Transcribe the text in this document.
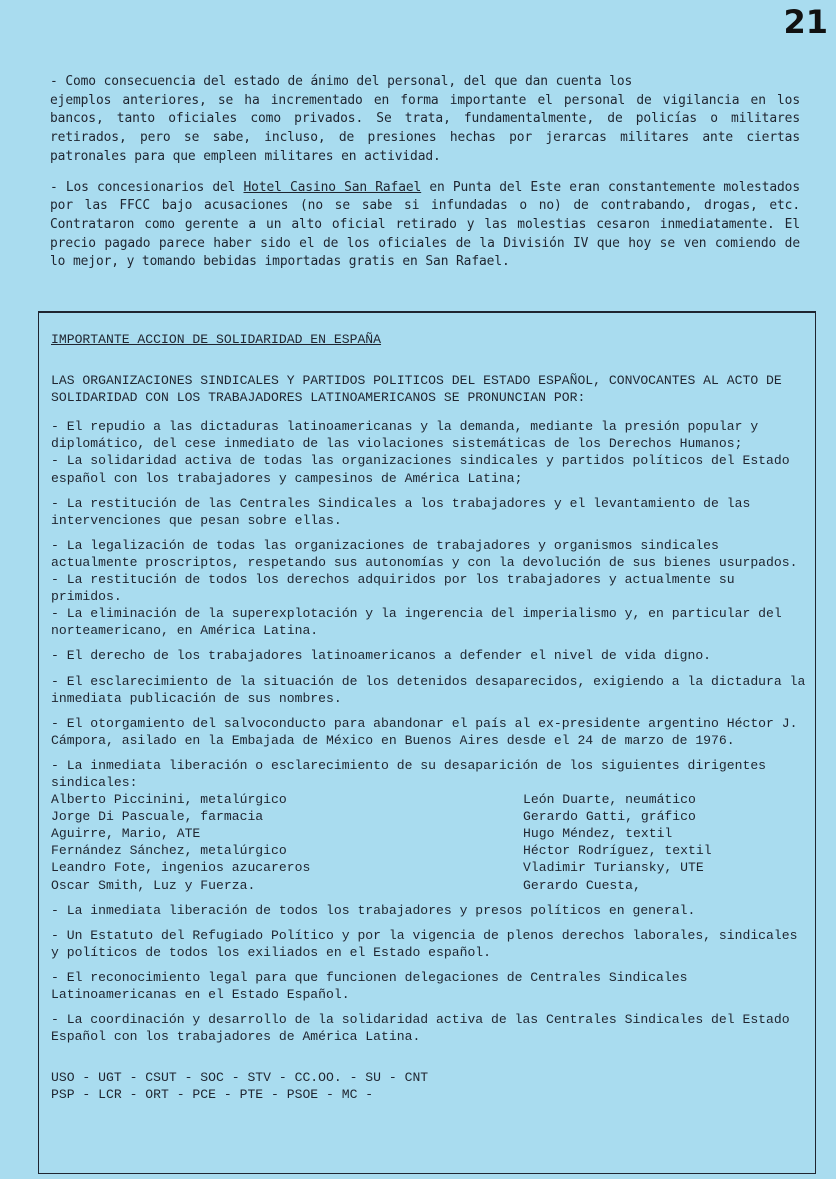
21

- Como consecuencia del estado de ánimo del personal, del que dan cuenta los
ejemplos anteriores, se ha incrementado en forma importante el personal de vigilancia en los bancos, tanto oficiales como privados. Se trata, fundamentalmente, de policías o militares retirados, pero se sabe, incluso, de presiones hechas por jerarcas militares ante ciertas patronales para que empleen militares en actividad.

- Los concesionarios del Hotel Casino San Rafael en Punta del Este eran constantemente molestados por las FFCC bajo acusaciones (no se sabe si infundadas o no) de contrabando, drogas, etc. Contrataron como gerente a un alto oficial retirado y las molestias cesaron inmediatamente. El precio pagado parece haber sido el de los oficiales de la División IV que hoy se ven comiendo de lo mejor, y tomando bebidas importadas gratis en San Rafael.

IMPORTANTE ACCION DE SOLIDARIDAD EN ESPAÑA

LAS ORGANIZACIONES SINDICALES Y PARTIDOS POLITICOS DEL ESTADO ESPAÑOL, CONVOCANTES AL ACTO DE SOLIDARIDAD CON LOS TRABAJADORES LATINOAMERICANOS SE PRONUNCIAN POR:

- El repudio a las dictaduras latinoamericanas y la demanda, mediante la presión popular y diplomático, del cese inmediato de las violaciones sistemáticas de los Derechos Humanos;

- La solidaridad activa de todas las organizaciones sindicales y partidos políticos del Estado español con los trabajadores y campesinos de América Latina;

- La restitución de las Centrales Sindicales a los trabajadores y el levantamiento de las intervenciones que pesan sobre ellas.

- La legalización de todas las organizaciones de trabajadores y organismos sindicales actualmente proscriptos, respetando sus autonomías y con la devolución de sus bienes usurpados.

- La restitución de todos los derechos adquiridos por los trabajadores y actualmente su primidos.

- La eliminación de la superexplotación y la ingerencia del imperialismo y, en particular del norteamericano, en América Latina.

- El derecho de los trabajadores latinoamericanos a defender el nivel de vida digno.

- El esclarecimiento de la situación de los detenidos desaparecidos, exigiendo a la dictadura la inmediata publicación de sus nombres.

- El otorgamiento del salvoconducto para abandonar el país al ex-presidente argentino Héctor J. Cámpora, asilado en la Embajada de México en Buenos Aires desde el 24 de marzo de 1976.

- La inmediata liberación o esclarecimiento de su desaparición de los siguientes dirigentes sindicales:

Alberto Piccinini, metalúrgico
Jorge Di Pascuale, farmacia
Aguirre, Mario, ATE
Fernández Sánchez, metalúrgico
Leandro Fote, ingenios azucareros
Oscar Smith, Luz y Fuerza.
León Duarte, neumático
Gerardo Gatti, gráfico
Hugo Méndez, textil
Héctor Rodríguez, textil
Vladimir Turiansky, UTE
Gerardo Cuesta,

- La inmediata liberación de todos los trabajadores y presos políticos en general.

- Un Estatuto del Refugiado Político y por la vigencia de plenos derechos laborales, sindicales y políticos de todos los exiliados en el Estado español.

- El reconocimiento legal para que funcionen delegaciones de Centrales Sindicales Latinoamericanas en el Estado Español.

- La coordinación y desarrollo de la solidaridad activa de las Centrales Sindicales del Estado Español con los trabajadores de América Latina.

USO - UGT - CSUT - SOC - STV - CC.OO. - SU - CNT
PSP - LCR - ORT - PCE - PTE - PSOE - MC -
